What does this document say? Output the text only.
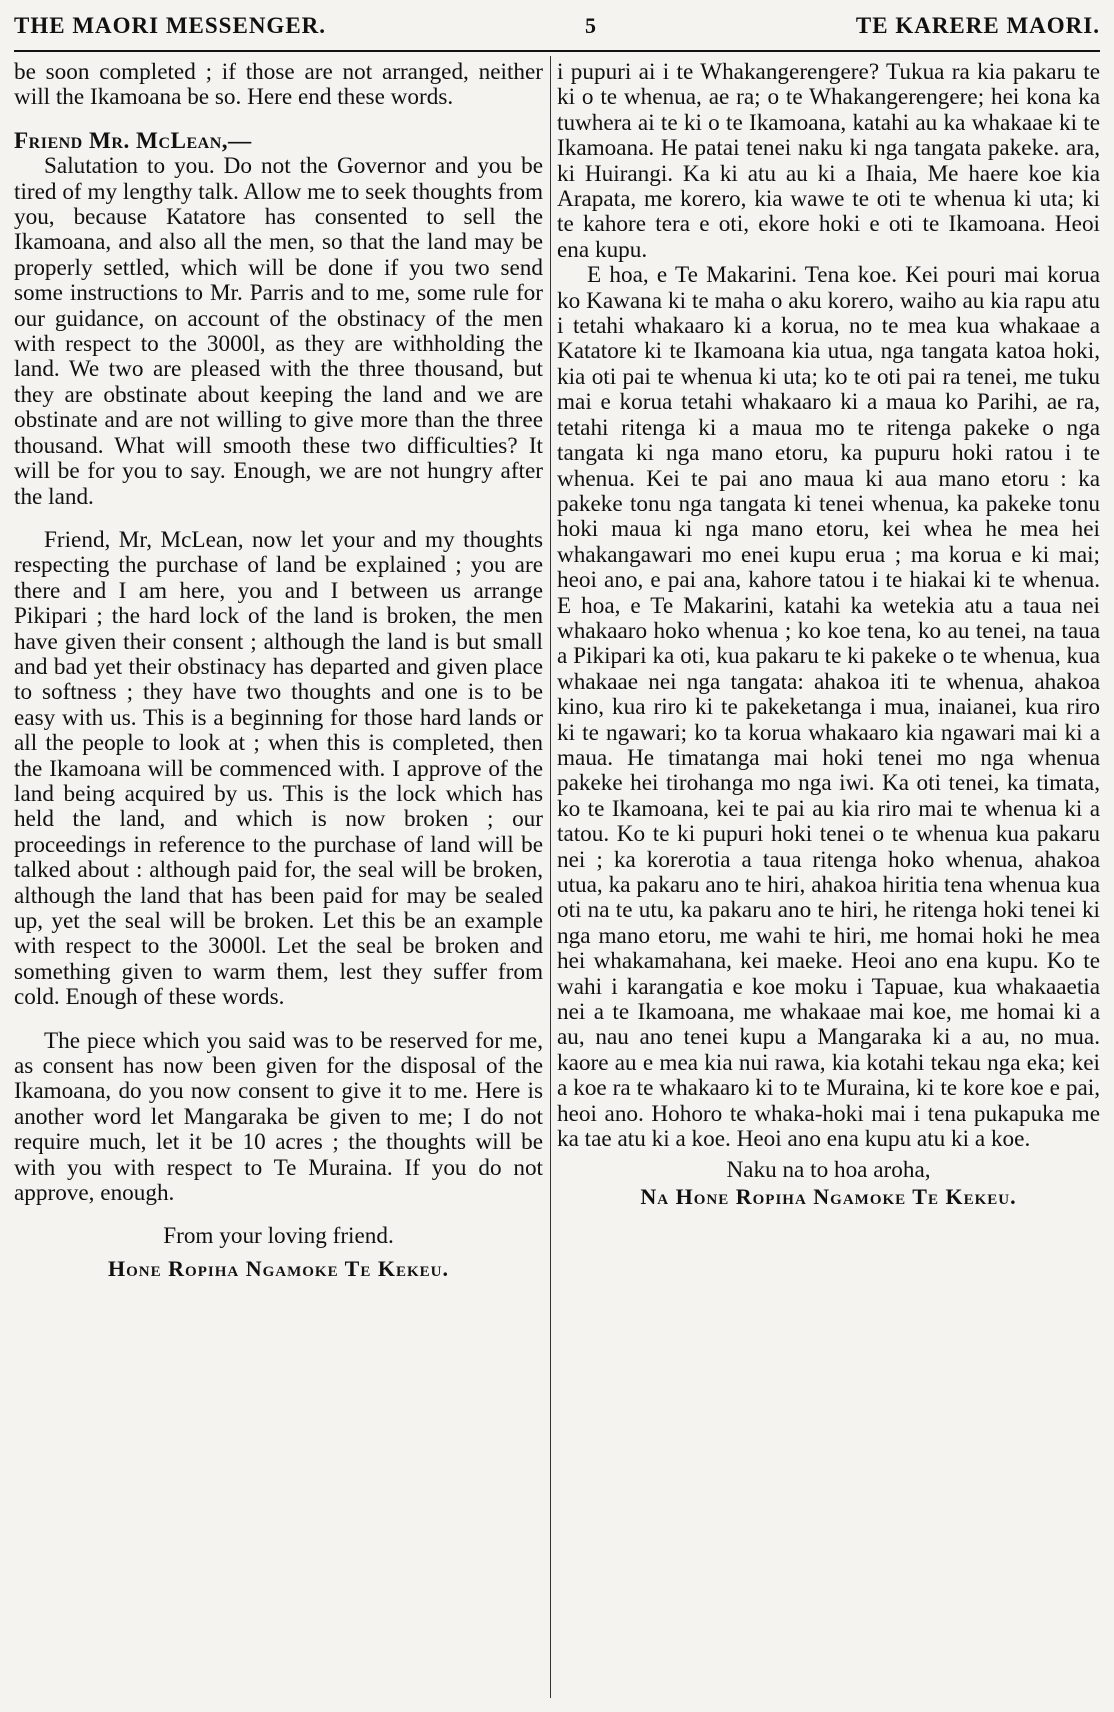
THE MAORI MESSENGER.	5	TE KARERE MAORI.

be soon completed ; if those are not arranged, neither will the Ikamoana be so. Here end these words.

Friend Mr. McLean,—

Salutation to you. Do not the Governor and you be tired of my lengthy talk. Allow me to seek thoughts from you, because Katatore has consented to sell the Ikamoana, and also all the men, so that the land may be properly settled, which will be done if you two send some instructions to Mr. Parris and to me, some rule for our guidance, on account of the obstinacy of the men with respect to the 3000l, as they are withholding the land. We two are pleased with the three thousand, but they are obstinate about keeping the land and we are obstinate and are not willing to give more than the three thousand. What will smooth these two difficulties? It will be for you to say. Enough, we are not hungry after the land.

Friend, Mr, McLean, now let your and my thoughts respecting the purchase of land be explained ; you are there and I am here, you and I between us arrange Pikipari ; the hard lock of the land is broken, the men have given their consent ; although the land is but small and bad yet their obstinacy has departed and given place to softness ; they have two thoughts and one is to be easy with us. This is a beginning for those hard lands or all the people to look at ; when this is completed, then the Ikamoana will be commenced with. I approve of the land being acquired by us. This is the lock which has held the land, and which is now broken ; our proceedings in reference to the purchase of land will be talked about : although paid for, the seal will be broken, although the land that has been paid for may be sealed up, yet the seal will be broken. Let this be an example with respect to the 3000l. Let the seal be broken and something given to warm them, lest they suffer from cold. Enough of these words.

The piece which you said was to be reserved for me, as consent has now been given for the disposal of the Ikamoana, do you now consent to give it to me. Here is another word let Mangaraka be given to me; I do not require much, let it be 10 acres ; the thoughts will be with you with respect to Te Muraina. If you do not approve, enough.

From your loving friend.

Hone Ropiha Ngamoke Te Kekeu.

i pupuri ai i te Whakangerengere? Tukua ra kia pakaru te ki o te whenua, ae ra; o te Whakangerengere; hei kona ka tuwhera ai te ki o te Ikamoana, katahi au ka whakaae ki te Ikamoana. He patai tenei naku ki nga tangata pakeke. ara, ki Huirangi. Ka ki atu au ki a Ihaia, Me haere koe kia Arapata, me korero, kia wawe te oti te whenua ki uta; ki te kahore tera e oti, ekore hoki e oti te Ikamoana. Heoi ena kupu.

E hoa, e Te Makarini. Tena koe. Kei pouri mai korua ko Kawana ki te maha o aku korero, waiho au kia rapu atu i tetahi whakaaro ki a korua, no te mea kua whakaae a Katatore ki te Ikamoana kia utua, nga tangata katoa hoki, kia oti pai te whenua ki uta; ko te oti pai ra tenei, me tuku mai e korua tetahi whakaaro ki a maua ko Parihi, ae ra, tetahi ritenga ki a maua mo te ritenga pakeke o nga tangata ki nga mano etoru, ka pupuru hoki ratou i te whenua. Kei te pai ano maua ki aua mano etoru : ka pakeke tonu nga tangata ki tenei whenua, ka pakeke tonu hoki maua ki nga mano etoru, kei whea he mea hei whakangawari mo enei kupu erua ; ma korua e ki mai; heoi ano, e pai ana, kahore tatou i te hiakai ki te whenua. E hoa, e Te Makarini, katahi ka wetekia atu a taua nei whakaaro hoko whenua ; ko koe tena, ko au tenei, na taua a Pikipari ka oti, kua pakaru te ki pakeke o te whenua, kua whakaae nei nga tangata: ahakoa iti te whenua, ahakoa kino, kua riro ki te pakeketanga i mua, inaianei, kua riro ki te ngawari; ko ta korua whakaaro kia ngawari mai ki a maua. He timatanga mai hoki tenei mo nga whenua pakeke hei tirohanga mo nga iwi. Ka oti tenei, ka timata, ko te Ikamoana, kei te pai au kia riro mai te whenua ki a tatou. Ko te ki pupuri hoki tenei o te whenua kua pakaru nei ; ka korerotia a taua ritenga hoko whenua, ahakoa utua, ka pakaru ano te hiri, ahakoa hiritia tena whenua kua oti na te utu, ka pakaru ano te hiri, he ritenga hoki tenei ki nga mano etoru, me wahi te hiri, me homai hoki he mea hei whakamahana, kei maeke. Heoi ano ena kupu. Ko te wahi i karangatia e koe moku i Tapuae, kua whakaaetia nei a te Ikamoana, me whakaae mai koe, me homai ki a au, nau ano tenei kupu a Mangaraka ki a au, no mua. kaore au e mea kia nui rawa, kia kotahi tekau nga eka; kei a koe ra te whakaaro ki to te Muraina, ki te kore koe e pai, heoi ano. Hohoro te whaka-hoki mai i tena pukapuka me ka tae atu ki a koe. Heoi ano ena kupu atu ki a koe.

Naku na to hoa aroha,

Na Hone Ropiha Ngamoke Te Kekeu.
